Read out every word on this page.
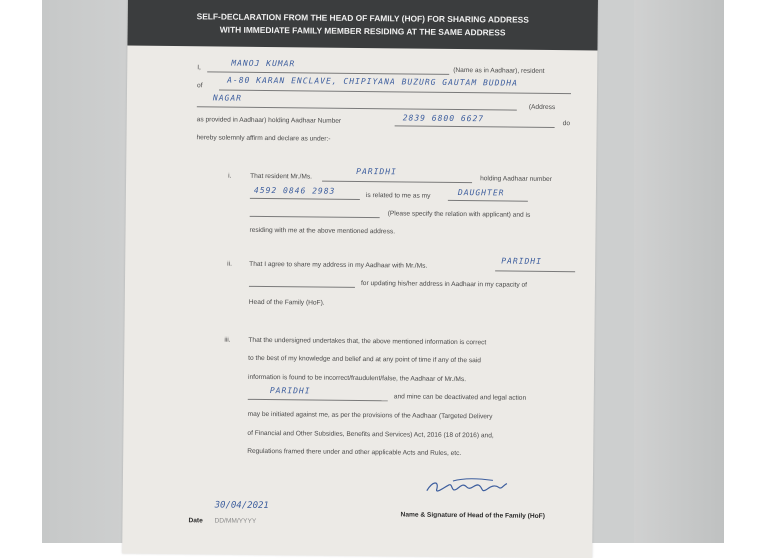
SELF-DECLARATION FROM THE HEAD OF FAMILY (HOF) FOR SHARING ADDRESS
WITH IMMEDIATE FAMILY MEMBER RESIDING AT THE SAME ADDRESS
I,	MANOJ KUMAR
(Name as in Aadhaar), resident
of	A-80 KARAN ENCLAVE, CHIPIYANA BUZURG GAUTAM BUDDHA
NAGAR
(Address
as provided in Aadhaar) holding Aadhaar Number	2839 6800 6627
do
hereby solemnly affirm and declare as under:-
i.	That resident Mr./Ms.
PARIDHI
holding Aadhaar number
4592 0846 2983
is related to me as my	DAUGHTER
(Please specify the relation with applicant) and is
residing with me at the above mentioned address.
ii.	That I agree to share my address in my Aadhaar with Mr./Ms.	PARIDHI
for updating his/her address in Aadhaar in my capacity of
Head of the Family (HoF).
iii.	That the undersigned undertakes that, the above mentioned information is correct
to the best of my knowledge and belief and at any point of time if any of the said
information is found to be incorrect/fraudulent/false, the Aadhaar of Mr./Ms.
PARIDHI
and mine can be deactivated and legal action
may be initiated against me, as per the provisions of the Aadhaar (Targeted Delivery
of Financial and Other Subsidies, Benefits and Services) Act, 2016 (18 of 2016) and,
Regulations framed there under and other applicable Acts and Rules, etc.
30/04/2021
Date DD/MM/YYYY
Name & Signature of Head of the Family (HoF)
